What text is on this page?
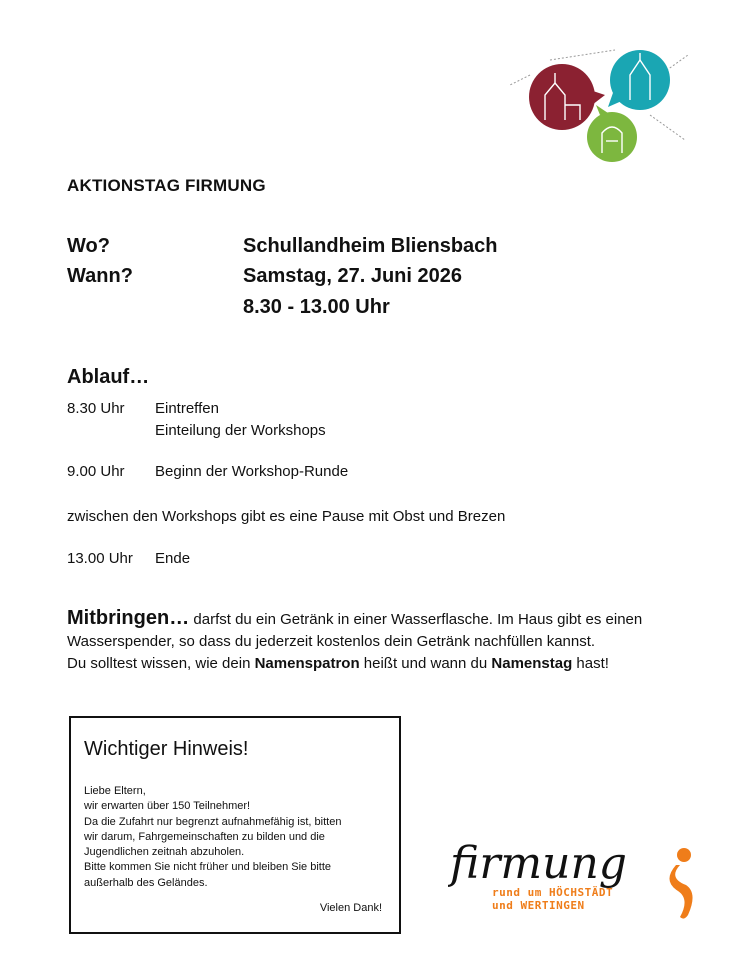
AKTIONSTAG FIRMUNG
Wo?	Schullandheim Bliensbach
Wann?	Samstag, 27. Juni 2026
8.30 - 13.00 Uhr
Ablauf…
8.30 Uhr Eintreffen
Einteilung der Workshops
9.00 Uhr Beginn der Workshop-Runde
zwischen den Workshops gibt es eine Pause mit Obst und Brezen
13.00 Uhr Ende
Mitbringen… darfst du ein Getränk in einer Wasserflasche. Im Haus gibt es einen Wasserspender, so dass du jederzeit kostenlos dein Getränk nachfüllen kannst.
Du solltest wissen, wie dein Namenspatron heißt und wann du Namenstag hast!
Wichtiger Hinweis!
Liebe Eltern,
wir erwarten über 150 Teilnehmer!
Da die Zufahrt nur begrenzt aufnahmefähig ist, bitten
wir darum, Fahrgemeinschaften zu bilden und die
Jugendlichen zeitnah abzuholen.
Bitte kommen Sie nicht früher und bleiben Sie bitte
außerhalb des Geländes.
Vielen Dank!
firmung
rund um HÖCHSTÄDT
und WERTINGEN
